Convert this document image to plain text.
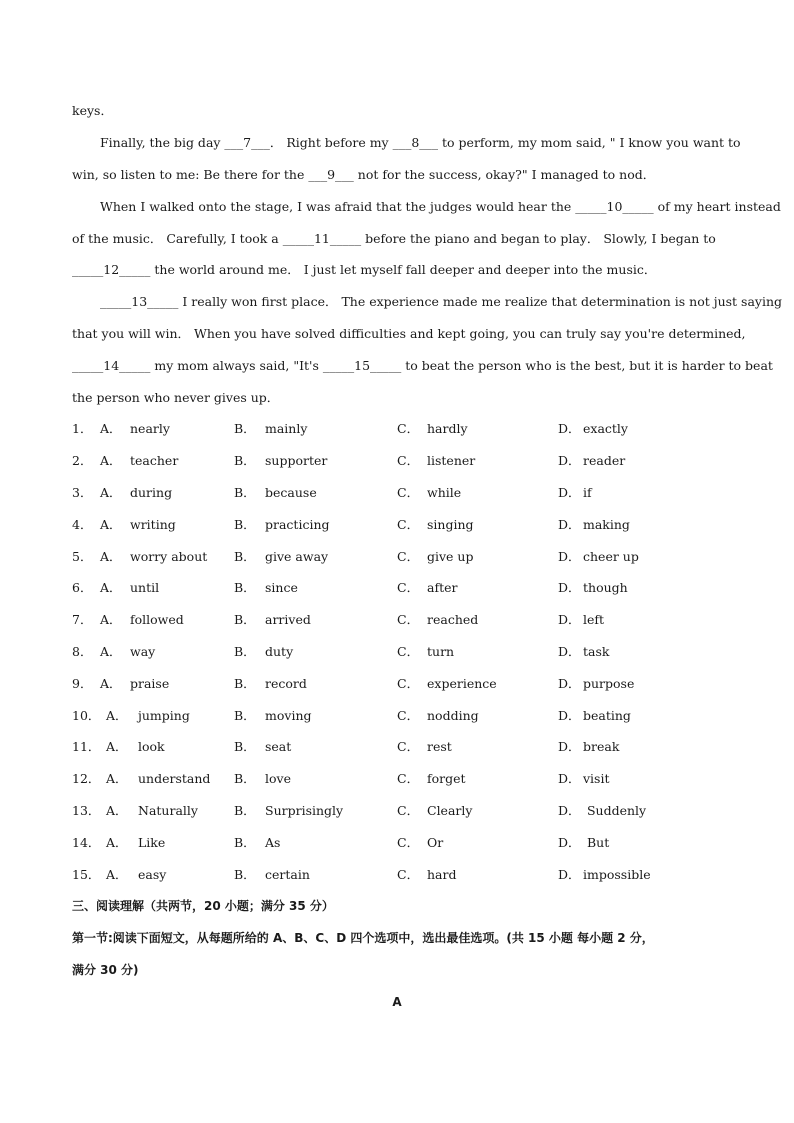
keys．
Finally, the big day ___7___． Right before my ___8___ to perform, my mom said, " I know you want to
win, so listen to me: Be there for the ___9___ not for the success, okay?" I managed to nod．
When I walked onto the stage, I was afraid that the judges would hear the _____10_____ of my heart instead
of the music． Carefully, I took a _____11_____ before the piano and began to play． Slowly, I began to
_____12_____ the world around me． I just let myself fall deeper and deeper into the music．
_____13_____ I really won first place． The experience made me realize that determination is not just saying
that you will win． When you have solved difficulties and kept going, you can truly say you're determined,
_____14_____ my mom always said, "It's _____15_____ to beat the person who is the best, but it is harder to beat
the person who never gives up．
1． A． nearly	B． mainly	C． hardly	D． exactly
2． A． teacher	B． supporter	C． listener	D． reader
3． A． during	B． because	C． while	D． if
4． A． writing	B． practicing	C． singing	D． making
5． A． worry about B． give away	C． give up	D． cheer up
6． A． until	B． since	C． after	D． though
7． A． followed	B． arrived	C． reached	D． left
8． A． way	B． duty	C． turn	D． task
9． A． praise	B． record	C． experience	D． purpose
10． A． jumping	B． moving	C． nodding	D． beating
11． A． look	B． seat	C． rest	D． break
12． A． understand B． love	C． forget	D． visit
13． A． Naturally	B． Surprisingly	C． Clearly	D． Suddenly
14． A． Like	B． As	C． Or	D． But
15． A． easy	B． certain	C． hard	D． impossible
三、阅读理解（共两节，20 小题；满分 35 分）
第一节:阅读下面短文，从每题所给的 A、B、C、D 四个选项中，选出最佳选项。(共 15 小题 每小题 2 分，
满分 30 分)
A
